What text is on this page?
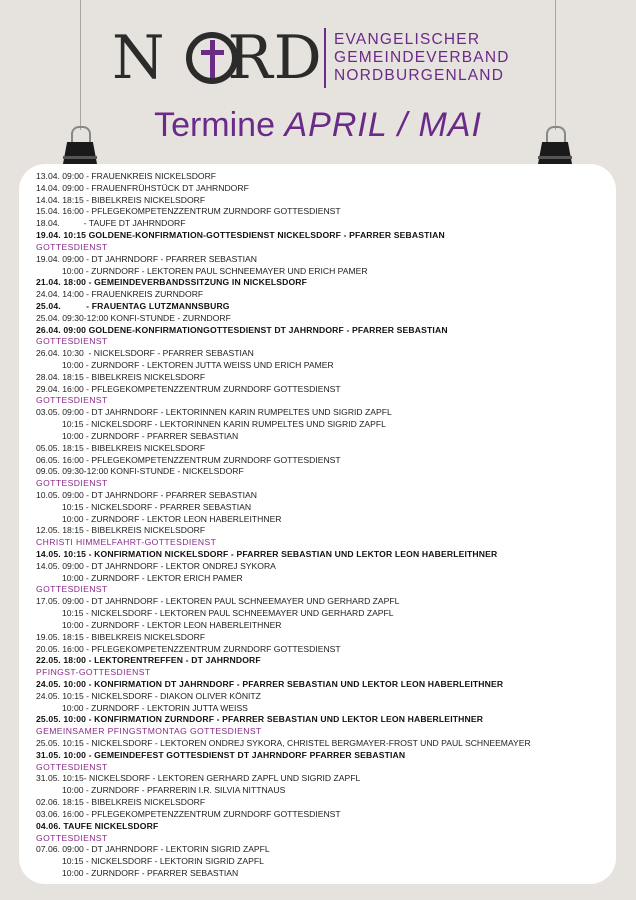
N RD EVANGELISCHER
GEMEINDEVERBAND
NORDBURGENLAND
Termine APRIL / MAI
13.04. 09:00 - FRAUENKREIS NICKELSDORF
14.04. 09:00 - FRAUENFRÜHSTÜCK DT JAHRNDORF
14.04. 18:15 - BIBELKREIS NICKELSDORF
15.04. 16:00 - PFLEGEKOMPETENZZENTRUM ZURNDORF GOTTESDIENST
18.04.          - TAUFE DT JAHRNDORF
19.04. 10:15 GOLDENE-KONFIRMATION-GOTTESDIENST NICKELSDORF - PFARRER SEBASTIAN
GOTTESDIENST
19.04. 09:00 - DT JAHRNDORF - PFARRER SEBASTIAN
10:00 - ZURNDORF - LEKTOREN PAUL SCHNEEMAYER UND ERICH PAMER
21.04. 18:00 - GEMEINDEVERBANDSSITZUNG IN NICKELSDORF
24.04. 14:00 - FRAUENKREIS ZURNDORF
25.04.          - FRAUENTAG LUTZMANNSBURG
25.04. 09:30-12:00 KONFI-STUNDE - ZURNDORF
26.04. 09:00 GOLDENE-KONFIRMATIONGOTTESDIENST DT JAHRNDORF - PFARRER SEBASTIAN
GOTTESDIENST
26.04. 10:30  - NICKELSDORF - PFARRER SEBASTIAN
10:00 - ZURNDORF - LEKTOREN JUTTA WEISS UND ERICH PAMER
28.04. 18:15 - BIBELKREIS NICKELSDORF
29.04. 16:00 - PFLEGEKOMPETENZZENTRUM ZURNDORF GOTTESDIENST
GOTTESDIENST
03.05. 09:00 - DT JAHRNDORF - LEKTORINNEN KARIN RUMPELTES UND SIGRID ZAPFL
10:15 - NICKELSDORF - LEKTORINNEN KARIN RUMPELTES UND SIGRID ZAPFL
10:00 - ZURNDORF - PFARRER SEBASTIAN
05.05. 18:15 - BIBELKREIS NICKELSDORF
06.05. 16:00 - PFLEGEKOMPETENZZENTRUM ZURNDORF GOTTESDIENST
09.05. 09:30-12:00 KONFI-STUNDE - NICKELSDORF
GOTTESDIENST
10.05. 09:00 - DT JAHRNDORF - PFARRER SEBASTIAN
10:15 - NICKELSDORF - PFARRER SEBASTIAN
10:00 - ZURNDORF - LEKTOR LEON HABERLEITHNER
12.05. 18:15 - BIBELKREIS NICKELSDORF
CHRISTI HIMMELFAHRT-GOTTESDIENST
14.05. 10:15 - KONFIRMATION NICKELSDORF - PFARRER SEBASTIAN UND LEKTOR LEON HABERLEITHNER
14.05. 09:00 - DT JAHRNDORF - LEKTOR ONDREJ SYKORA
10:00 - ZURNDORF - LEKTOR ERICH PAMER
GOTTESDIENST
17.05. 09:00 - DT JAHRNDORF - LEKTOREN PAUL SCHNEEMAYER UND GERHARD ZAPFL
10:15 - NICKELSDORF - LEKTOREN PAUL SCHNEEMAYER UND GERHARD ZAPFL
10:00 - ZURNDORF - LEKTOR LEON HABERLEITHNER
19.05. 18:15 - BIBELKREIS NICKELSDORF
20.05. 16:00 - PFLEGEKOMPETENZZENTRUM ZURNDORF GOTTESDIENST
22.05. 18:00 - LEKTORENTREFFEN - DT JAHRNDORF
PFINGST-GOTTESDIENST
24.05. 10:00 - KONFIRMATION DT JAHRNDORF - PFARRER SEBASTIAN UND LEKTOR LEON HABERLEITHNER
24.05. 10:15 - NICKELSDORF - DIAKON OLIVER KÖNITZ
10:00 - ZURNDORF - LEKTORIN JUTTA WEISS
25.05. 10:00 - KONFIRMATION ZURNDORF - PFARRER SEBASTIAN UND LEKTOR LEON HABERLEITHNER
GEMEINSAMER PFINGSTMONTAG GOTTESDIENST
25.05. 10:15 - NICKELSDORF - LEKTOREN ONDREJ SYKORA, CHRISTEL BERGMAYER-FROST UND PAUL SCHNEEMAYER
31.05. 10:00 - GEMEINDEFEST GOTTESDIENST DT JAHRNDORF PFARRER SEBASTIAN
GOTTESDIENST
31.05. 10:15- NICKELSDORF - LEKTOREN GERHARD ZAPFL UND SIGRID ZAPFL
10:00 - ZURNDORF - PFARRERIN I.R. SILVIA NITTNAUS
02.06. 18:15 - BIBELKREIS NICKELSDORF
03.06. 16:00 - PFLEGEKOMPETENZZENTRUM ZURNDORF GOTTESDIENST
04.06. TAUFE NICKELSDORF
GOTTESDIENST
07.06. 09:00 - DT JAHRNDORF - LEKTORIN SIGRID ZAPFL
10:15 - NICKELSDORF - LEKTORIN SIGRID ZAPFL
10:00 - ZURNDORF - PFARRER SEBASTIAN
